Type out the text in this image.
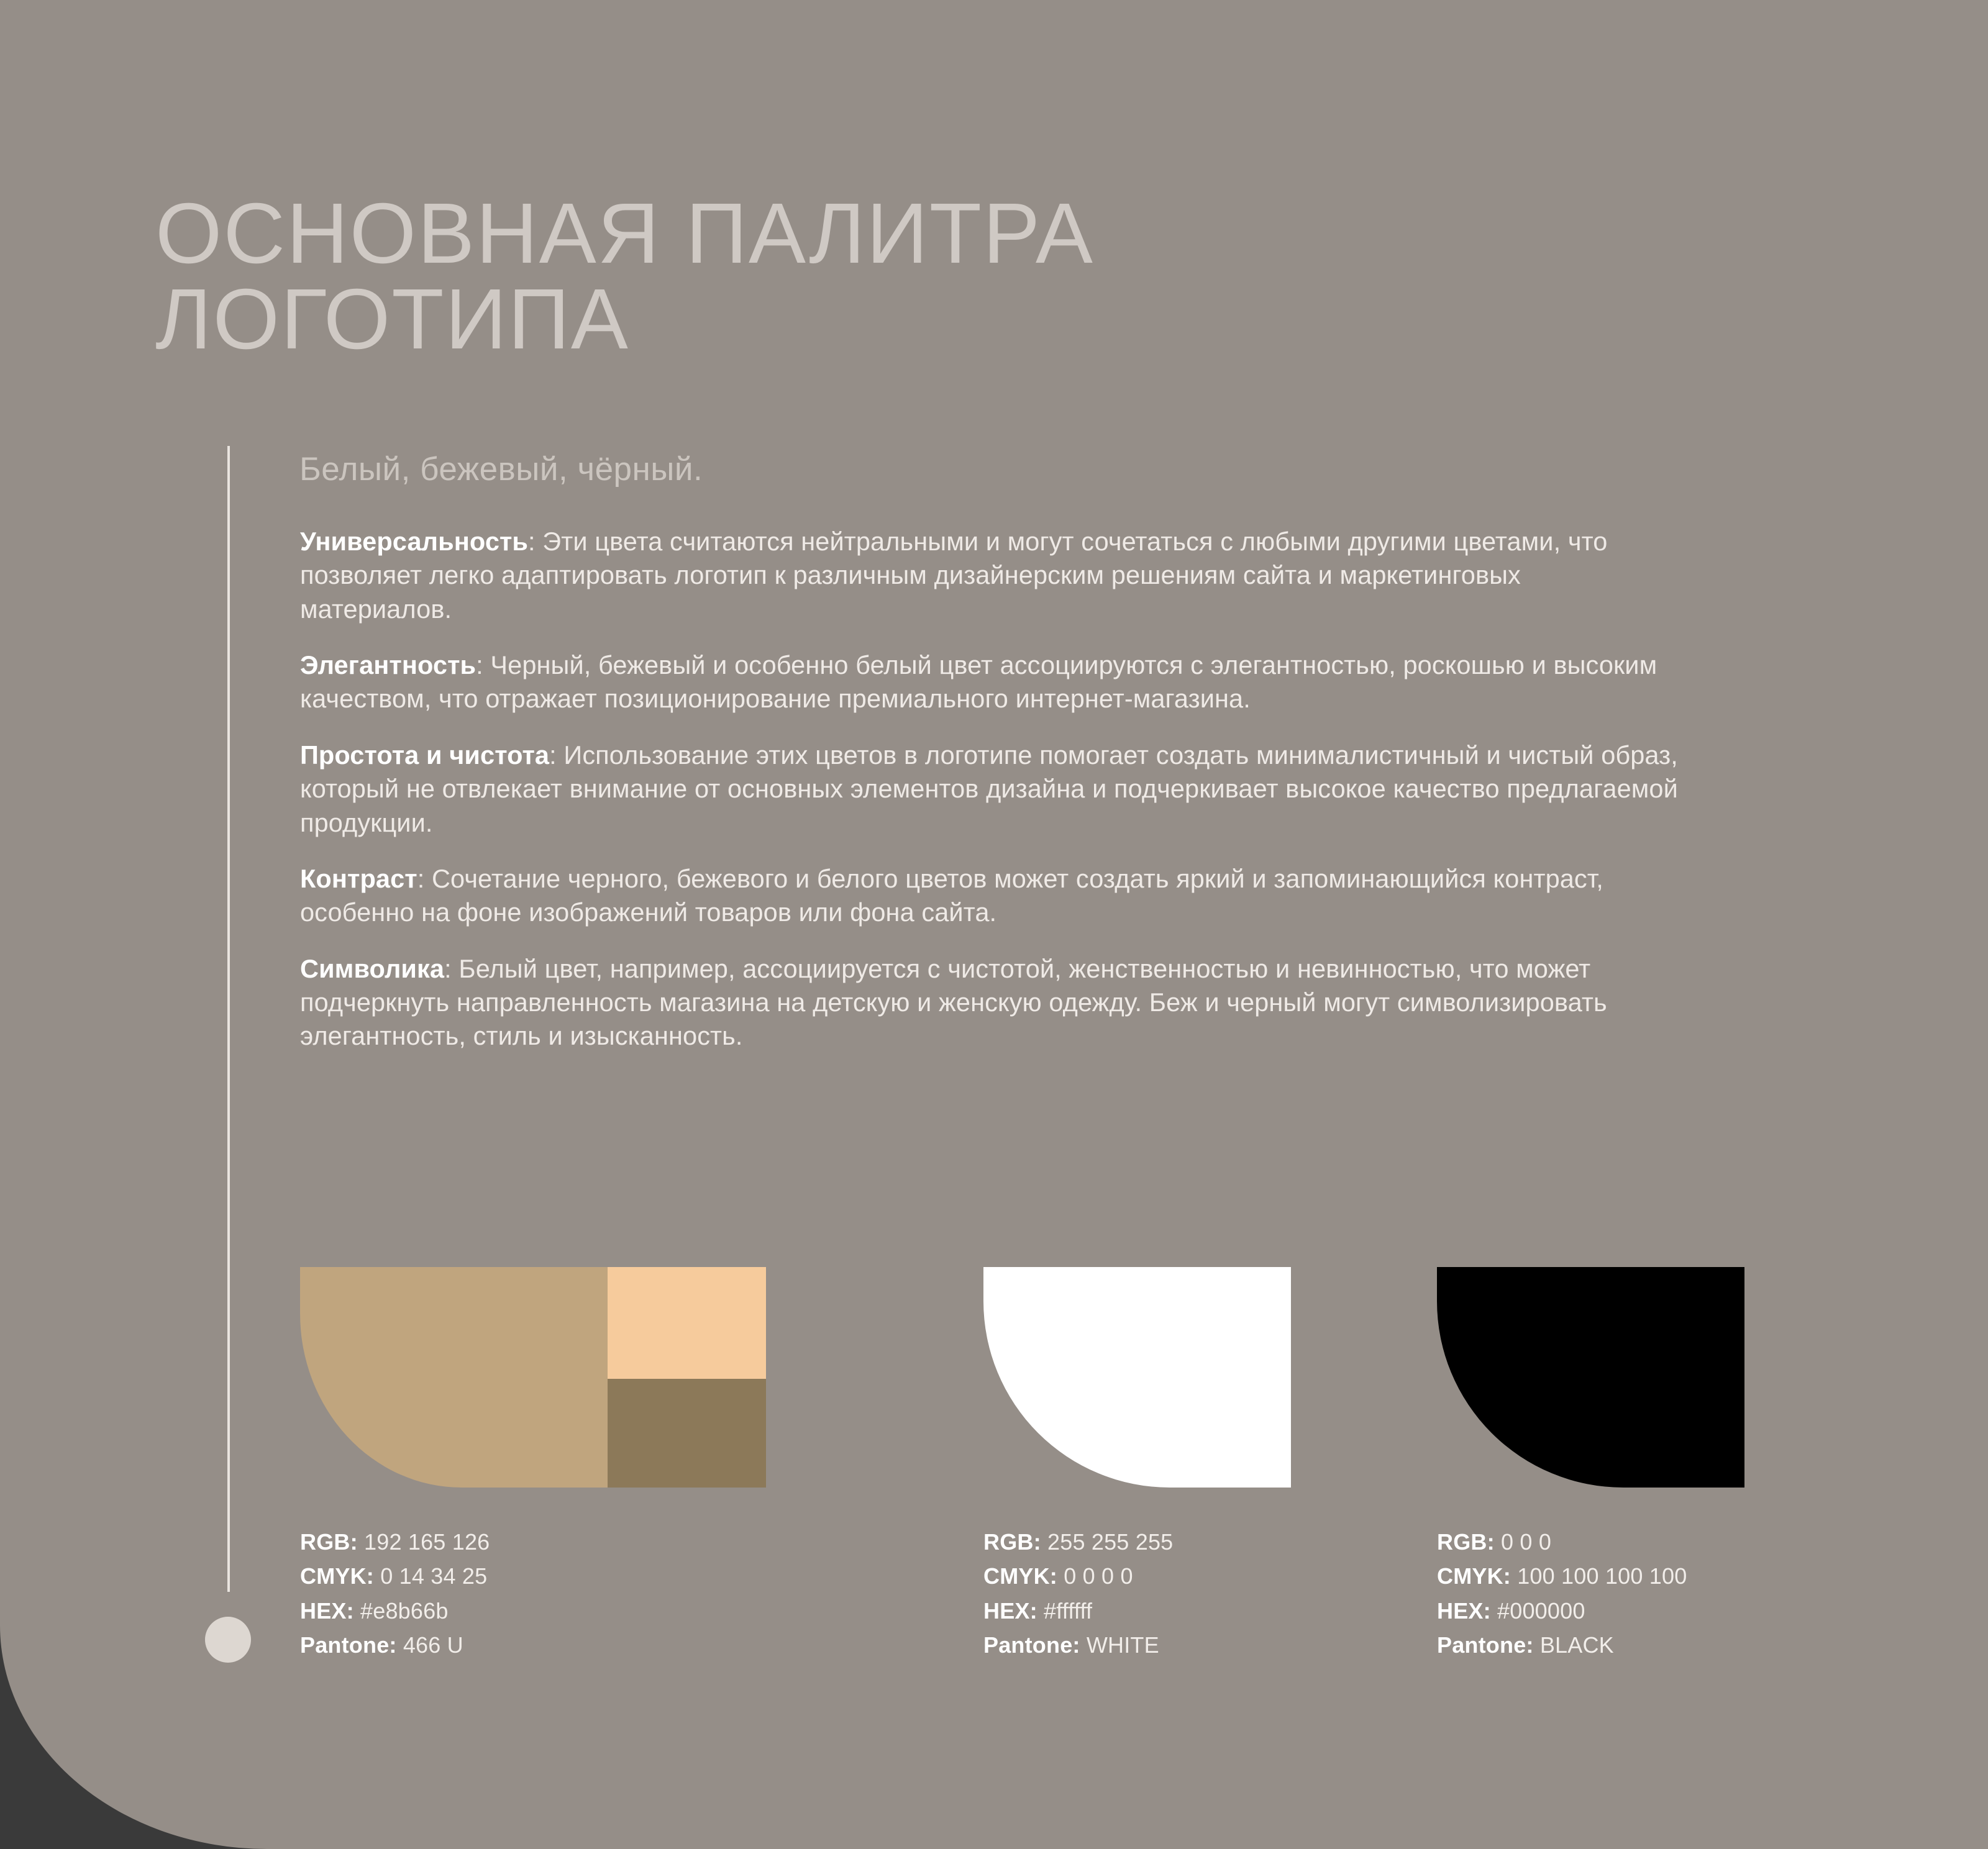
ОСНОВНАЯ ПАЛИТРА
ЛОГОТИПА
Белый, бежевый, чёрный.

Универсальность: Эти цвета считаются нейтральными и могут сочетаться с любыми другими цветами, что позволяет легко адаптировать логотип к различным дизайнерским решениям сайта и маркетинговых материалов.

Элегантность: Черный, бежевый и особенно белый цвет ассоциируются с элегантностью, роскошью и высоким качеством, что отражает позиционирование премиального интернет-магазина.

Простота и чистота: Использование этих цветов в логотипе помогает создать минималистичный и чистый образ, который не отвлекает внимание от основных элементов дизайна и подчеркивает высокое качество предлагаемой продукции.

Контраст: Сочетание черного, бежевого и белого цветов может создать яркий и запоминающийся контраст, особенно на фоне изображений товаров или фона сайта.

Символика: Белый цвет, например, ассоциируется с чистотой, женственностью и невинностью, что может подчеркнуть направленность магазина на детскую и женскую одежду. Беж и черный могут символизировать элегантность, стиль и изысканность.

RGB: 192 165 126
CMYK: 0 14 34 25
HEX: #e8b66b
Pantone: 466 U
RGB: 255 255 255
CMYK: 0 0 0 0
HEX: #ffffff
Pantone: WHITE
RGB: 0 0 0
CMYK: 100 100 100 100
HEX: #000000
Pantone: BLACK
